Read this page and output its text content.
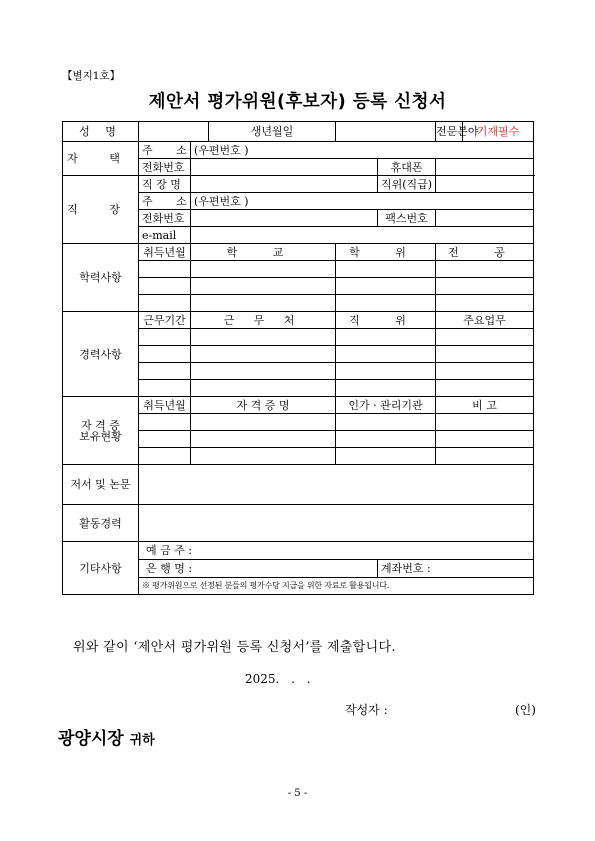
【별지1호】
제안서 평가위원(후보자) 등록 신청서
성 명			생년월일			전문분야	기재필수
자 택	주 소	(우편번호 )					
	전화번호				휴대폰		
직 장	직 장 명				직위(직급)		
	주 소	(우편번호 )					
	전화번호				팩스번호		
	e-mail						
학력사항	취득년월	학 교		학 위		전 공	

경력사항	근무기간	근 무 처		직 위		주요업무	

자 격 증
보유현황	취득년월	자 격 증 명		인가 · 관리기관		비 고	

저서 및 논문							
활동경력							
기타사항	예 금 주 :						
	은 행 명 :				계좌번호 :		
	※ 평가위원으로 선정된 분들의 평가수당 지급을 위한 자료로 활용됩니다.						
위와 같이 ‘제안서 평가위원 등록 신청서’를 제출합니다.
2025. . .
작성자 :	(인)
광양시장 귀하
- 5 -
